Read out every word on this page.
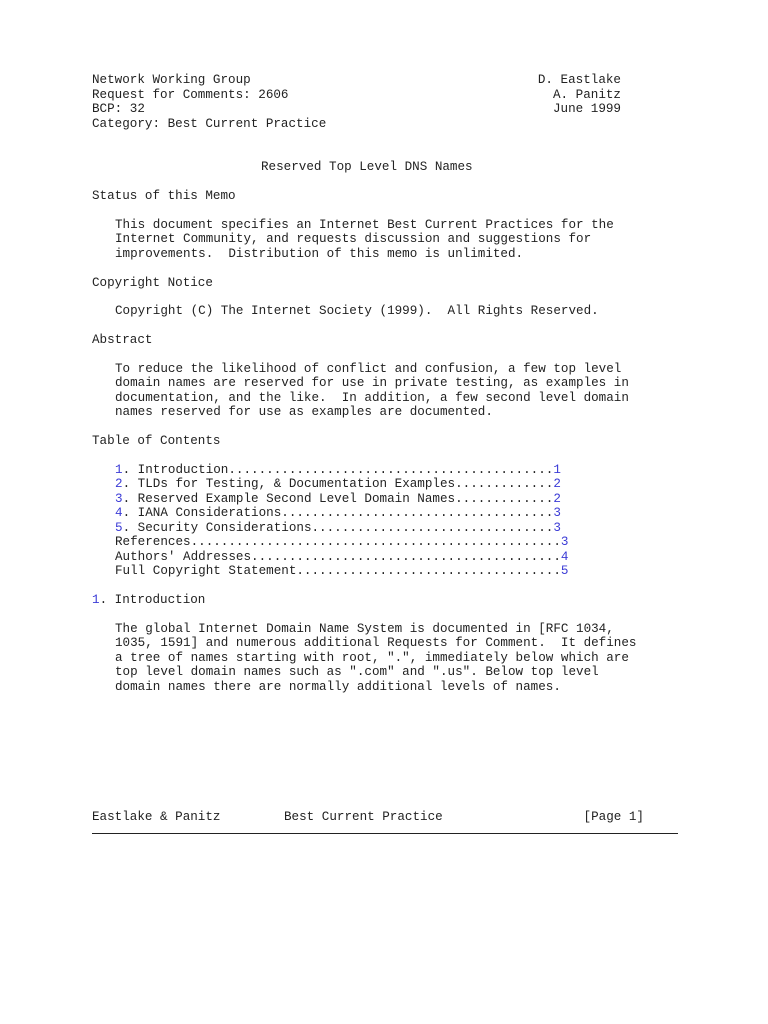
Network Working Group
Request for Comments: 2606
BCP: 32
Category: Best Current Practice
D. Eastlake
A. Panitz
June 1999
Reserved Top Level DNS Names
Status of this Memo
This document specifies an Internet Best Current Practices for the
Internet Community, and requests discussion and suggestions for
improvements.  Distribution of this memo is unlimited.
Copyright Notice
Copyright (C) The Internet Society (1999).  All Rights Reserved.
Abstract
To reduce the likelihood of conflict and confusion, a few top level
domain names are reserved for use in private testing, as examples in
documentation, and the like.  In addition, a few second level domain
names reserved for use as examples are documented.
Table of Contents
1. Introduction...........................................1
2. TLDs for Testing, & Documentation Examples.............2
3. Reserved Example Second Level Domain Names.............2
4. IANA Considerations....................................3
5. Security Considerations................................3
References.................................................3
Authors' Addresses.........................................4
Full Copyright Statement...................................5
1. Introduction
The global Internet Domain Name System is documented in [RFC 1034,
1035, 1591] and numerous additional Requests for Comment.  It defines
a tree of names starting with root, ".", immediately below which are
top level domain names such as ".com" and ".us". Below top level
domain names there are normally additional levels of names.
Eastlake & Panitz	Best Current Practice	[Page 1]
